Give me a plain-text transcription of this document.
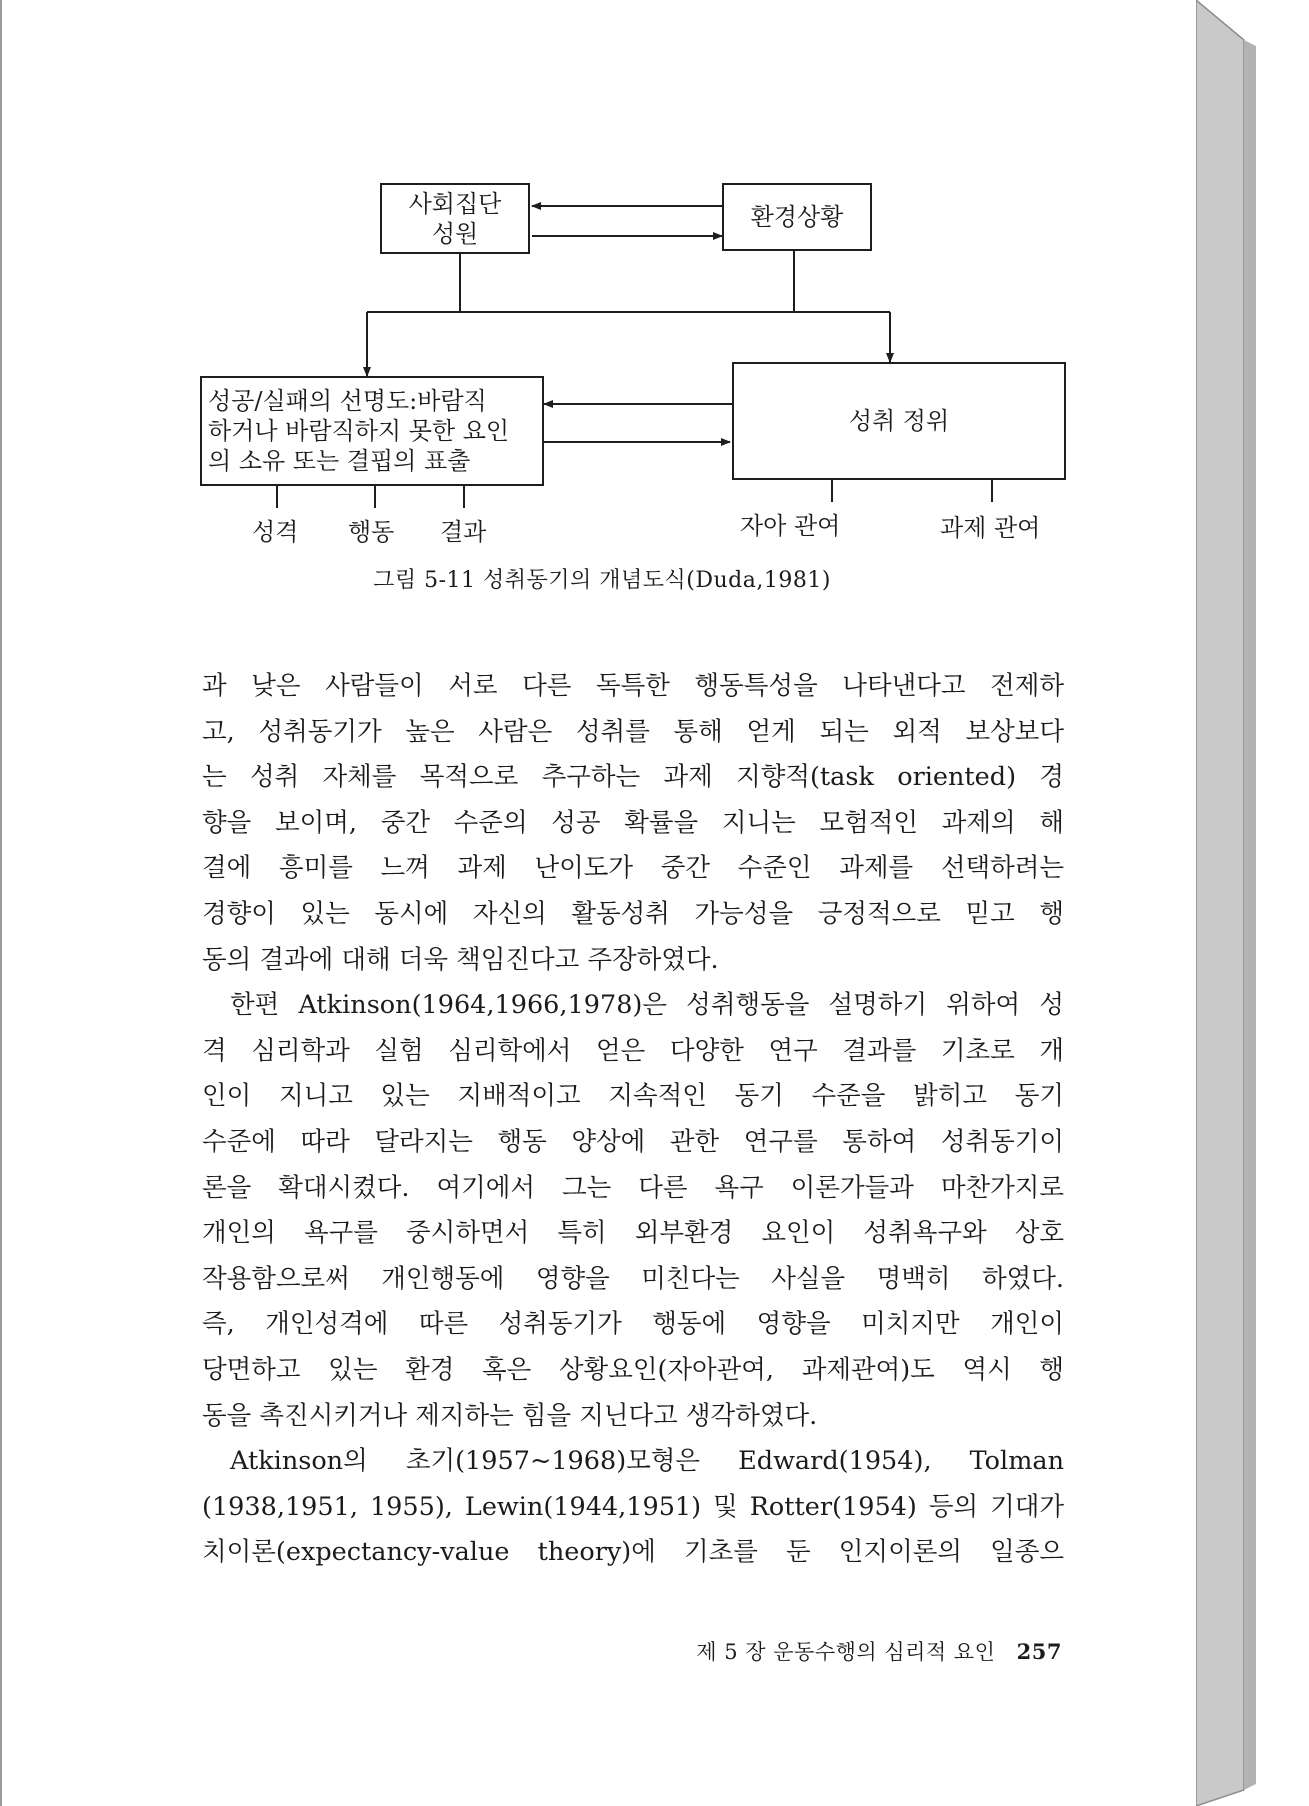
사회집단
성원
환경상황
성공/실패의 선명도:바람직
하거나 바람직하지 못한 요인
의 소유 또는 결핍의 표출
성취 정위
성격 행동 결과	자아 관여	과제 관여
그림 5-11 성취동기의 개념도식(Duda,1981)
과 낮은 사람들이 서로 다른 독특한 행동특성을 나타낸다고 전제하
고, 성취동기가 높은 사람은 성취를 통해 얻게 되는 외적 보상보다
는 성취 자체를 목적으로 추구하는 과제 지향적(task oriented) 경
향을 보이며, 중간 수준의 성공 확률을 지니는 모험적인 과제의 해
결에 흥미를 느껴 과제 난이도가 중간 수준인 과제를 선택하려는
경향이 있는 동시에 자신의 활동성취 가능성을 긍정적으로 믿고 행
동의 결과에 대해 더욱 책임진다고 주장하였다.
한편 Atkinson(1964,1966,1978)은 성취행동을 설명하기 위하여 성
격 심리학과 실험 심리학에서 얻은 다양한 연구 결과를 기초로 개
인이 지니고 있는 지배적이고 지속적인 동기 수준을 밝히고 동기
수준에 따라 달라지는 행동 양상에 관한 연구를 통하여 성취동기이
론을 확대시켰다. 여기에서 그는 다른 욕구 이론가들과 마찬가지로
개인의 욕구를 중시하면서 특히 외부환경 요인이 성취욕구와 상호
작용함으로써 개인행동에 영향을 미친다는 사실을 명백히 하였다.
즉, 개인성격에 따른 성취동기가 행동에 영향을 미치지만 개인이
당면하고 있는 환경 혹은 상황요인(자아관여, 과제관여)도 역시 행
동을 촉진시키거나 제지하는 힘을 지닌다고 생각하였다.
Atkinson의 초기(1957~1968)모형은 Edward(1954), Tolman
(1938,1951, 1955), Lewin(1944,1951) 및 Rotter(1954) 등의 기대가
치이론(expectancy-value theory)에 기초를 둔 인지이론의 일종으
제 5 장 운동수행의 심리적 요인 257
